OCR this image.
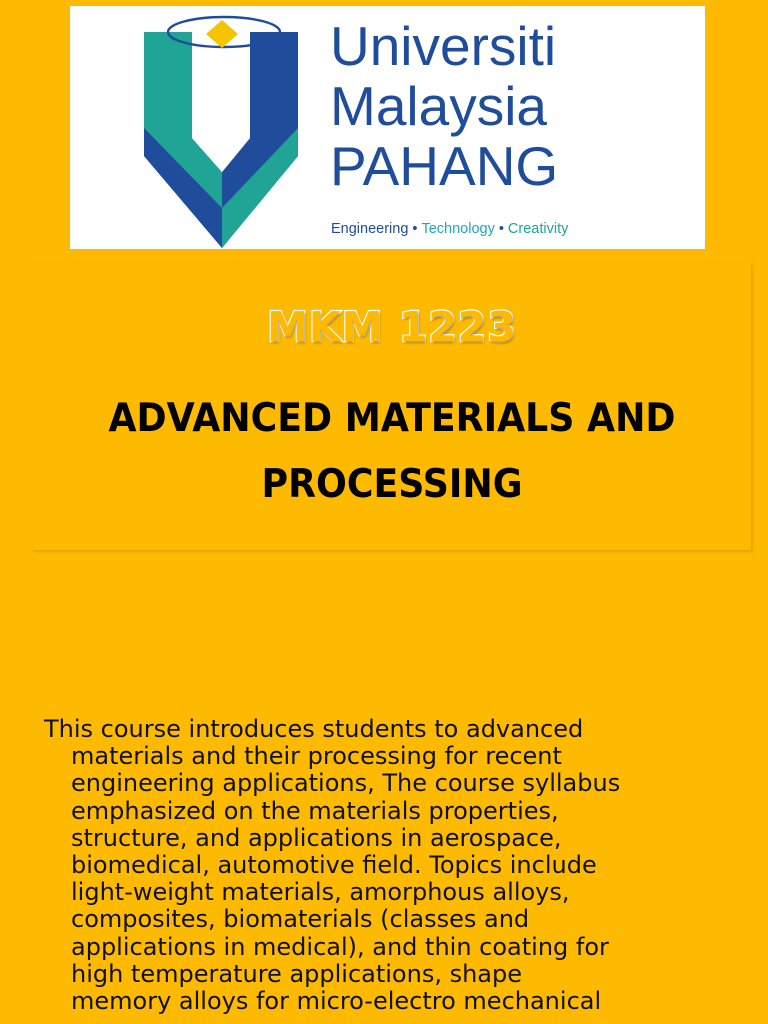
Universiti
Malaysia
PAHANG
Engineering • Technology • Creativity
MKM 1223
ADVANCED MATERIALS AND
PROCESSING
This course introduces students to advanced
materials and their processing for recent
engineering applications, The course syllabus
emphasized on the materials properties,
structure, and applications in aerospace,
biomedical, automotive field. Topics include
light-weight materials, amorphous alloys,
composites, biomaterials (classes and
applications in medical), and thin coating for
high temperature applications, shape
memory alloys for micro-electro mechanical
